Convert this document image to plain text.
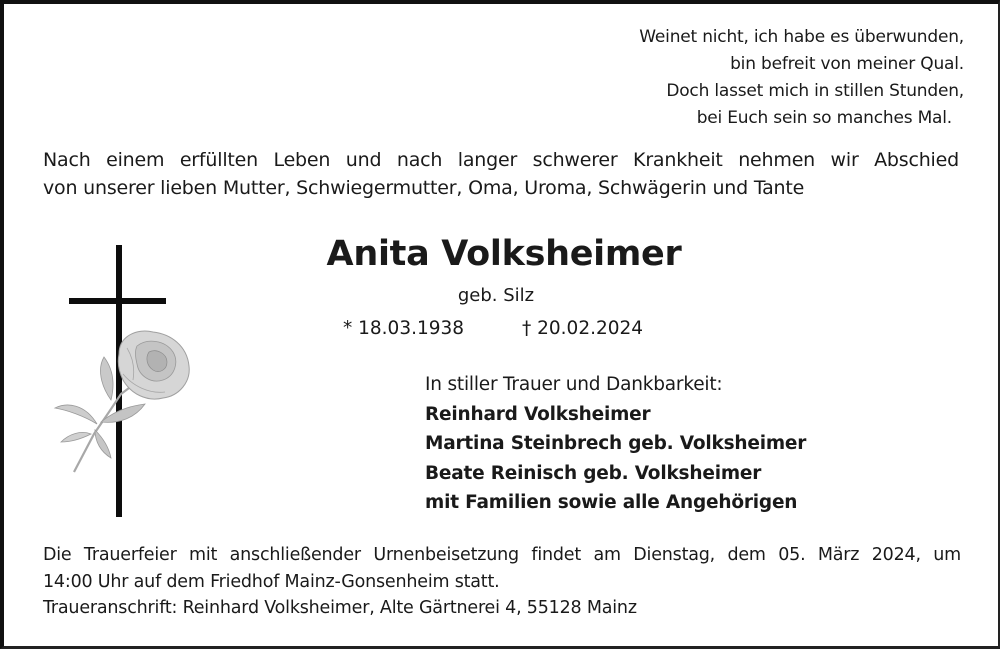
Weinet nicht, ich habe es überwunden,
bin befreit von meiner Qual.
Doch lasset mich in stillen Stunden,
bei Euch sein so manches Mal.
Nach einem erfüllten Leben und nach langer schwerer Krankheit nehmen wir Abschied
von unserer lieben Mutter, Schwiegermutter, Oma, Uroma, Schwägerin und Tante
Anita Volksheimer
geb. Silz
* 18.03.1938	† 20.02.2024
In stiller Trauer und Dankbarkeit:
Reinhard Volksheimer
Martina Steinbrech geb. Volksheimer
Beate Reinisch geb. Volksheimer
mit Familien sowie alle Angehörigen
Die Trauerfeier mit anschließender Urnenbeisetzung findet am Dienstag, dem 05. März 2024, um
14:00 Uhr auf dem Friedhof Mainz-Gonsenheim statt.
Traueranschrift: Reinhard Volksheimer, Alte Gärtnerei 4, 55128 Mainz
